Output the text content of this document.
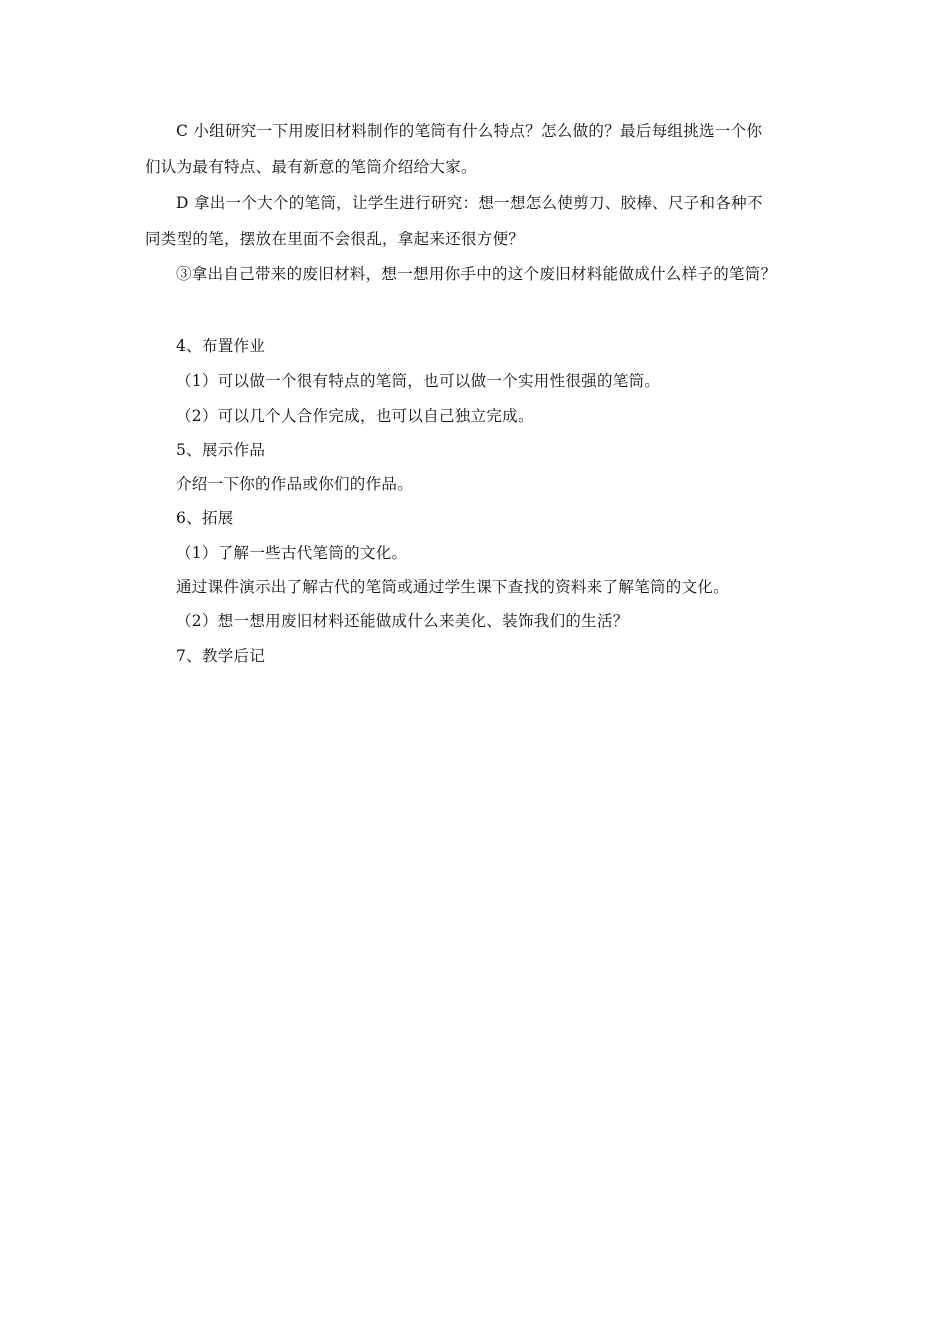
C 小组研究一下用废旧材料制作的笔筒有什么特点？怎么做的？最后每组挑选一个你
们认为最有特点、最有新意的笔筒介绍给大家。
D 拿出一个大个的笔筒，让学生进行研究：想一想怎么使剪刀、胶棒、尺子和各种不
同类型的笔，摆放在里面不会很乱，拿起来还很方便？
③拿出自己带来的废旧材料，想一想用你手中的这个废旧材料能做成什么样子的笔筒？
4、布置作业
（1）可以做一个很有特点的笔筒，也可以做一个实用性很强的笔筒。
（2）可以几个人合作完成，也可以自己独立完成。
5、展示作品
介绍一下你的作品或你们的作品。
6、拓展
（1）了解一些古代笔筒的文化。
通过课件演示出了解古代的笔筒或通过学生课下查找的资料来了解笔筒的文化。
（2）想一想用废旧材料还能做成什么来美化、装饰我们的生活？
7、教学后记
